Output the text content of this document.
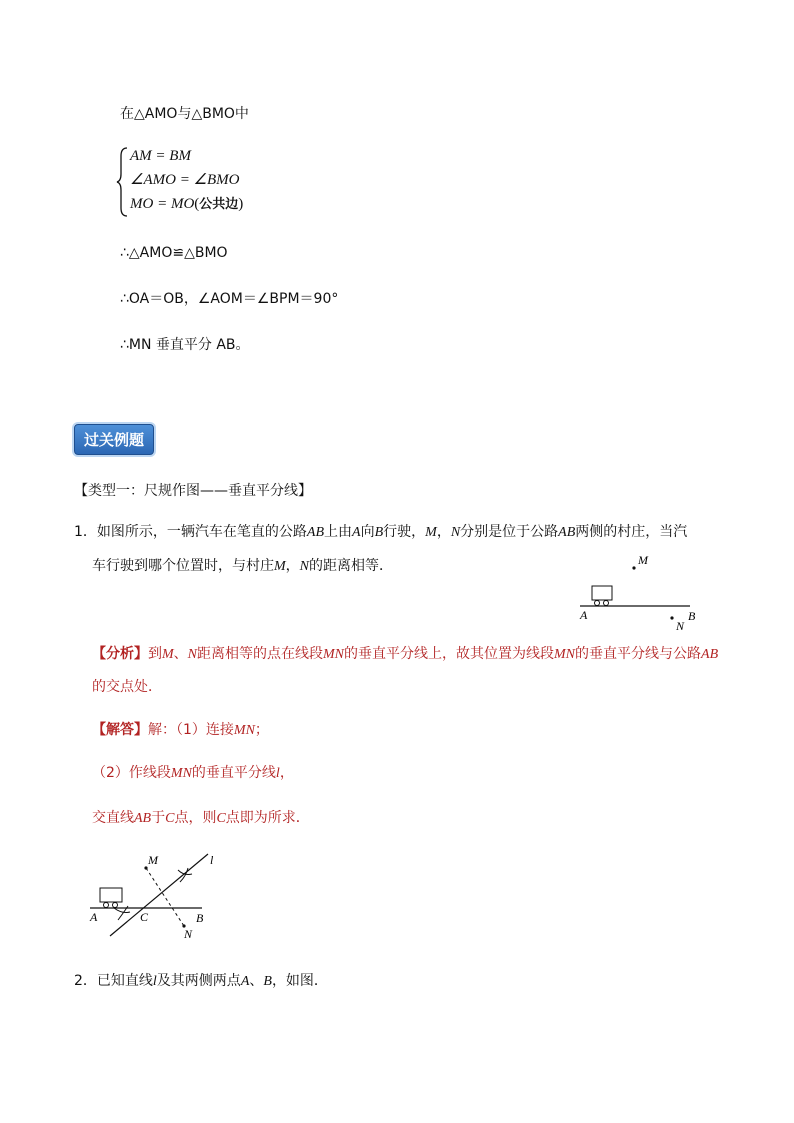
在△AMO与△BMO中
AM = BM
∠AMO = ∠BMO
MO = MO(公共边)
∴△AMO≌△BMO
∴OA＝OB，∠AOM＝∠BPM＝90°
∴MN 垂直平分 AB。
过关例题
【类型一：尺规作图——垂直平分线】
1．如图所示，一辆汽车在笔直的公路AB上由A向B行驶，M，N分别是位于公路AB两侧的村庄，当汽
车行驶到哪个位置时，与村庄M，N的距离相等．	M
A	B
N
【分析】到M、N距离相等的点在线段MN的垂直平分线上，故其位置为线段MN的垂直平分线与公路AB
的交点处．
【解答】解：（1）连接MN；
（2）作线段MN的垂直平分线l，
交直线AB于C点，则C点即为所求．
M
N
l
A	C	B
2．已知直线l及其两侧两点A、B，如图．
